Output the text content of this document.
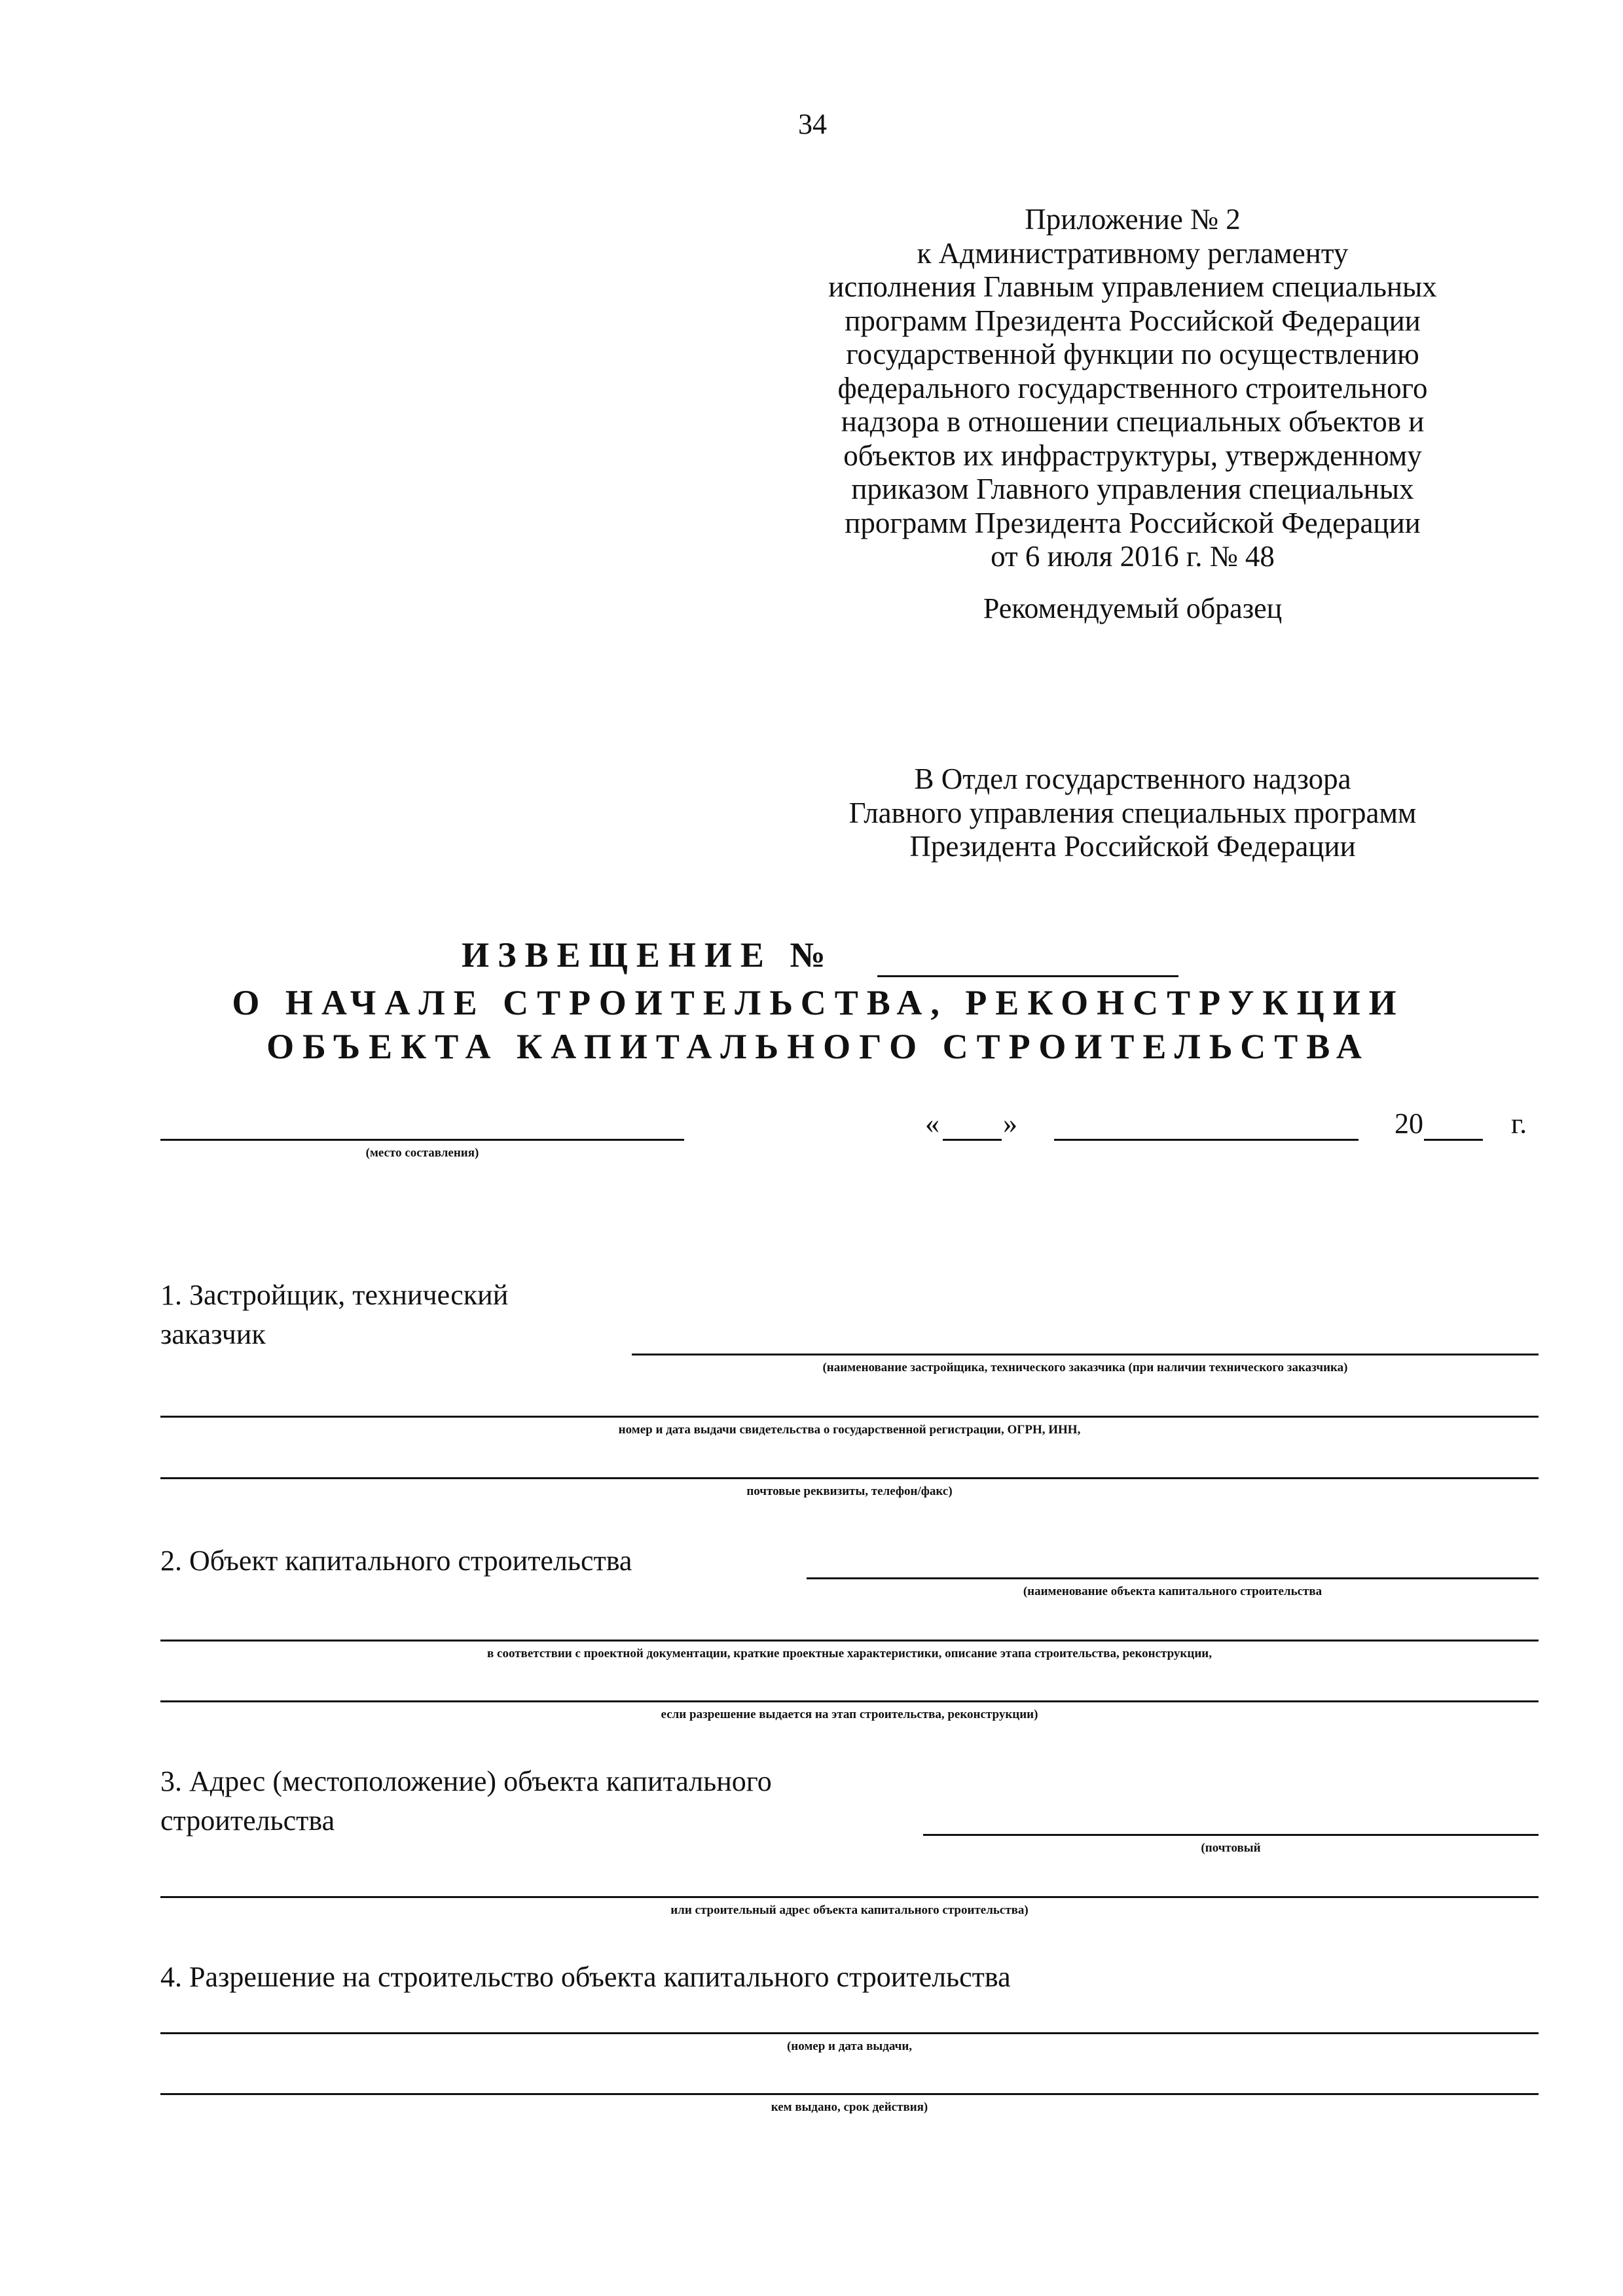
34
Приложение № 2
к Административному регламенту
исполнения Главным управлением специальных
программ Президента Российской Федерации
государственной функции по осуществлению
федерального государственного строительного
надзора в отношении специальных объектов и
объектов их инфраструктуры, утвержденному
приказом Главного управления специальных
программ Президента Российской Федерации
от 6 июля 2016 г. № 48
Рекомендуемый образец
В Отдел государственного надзора
Главного управления специальных программ
Президента Российской Федерации
ИЗВЕЩЕНИЕ №
О НАЧАЛЕ СТРОИТЕЛЬСТВА, РЕКОНСТРУКЦИИ
ОБЪЕКТА КАПИТАЛЬНОГО СТРОИТЕЛЬСТВА
(место составления)
« »	20	г.
1. Застройщик, технический
заказчик
(наименование застройщика, технического заказчика (при наличии технического заказчика)
номер и дата выдачи свидетельства о государственной регистрации, ОГРН, ИНН,
почтовые реквизиты, телефон/факс)
2. Объект капитального строительства
(наименование объекта капитального строительства
в соответствии с проектной документации, краткие проектные характеристики, описание этапа строительства, реконструкции,
если разрешение выдается на этап строительства, реконструкции)
3. Адрес (местоположение) объекта капитального
строительства
(почтовый
или строительный адрес объекта капитального строительства)
4. Разрешение на строительство объекта капитального строительства
(номер и дата выдачи,
кем выдано, срок действия)
